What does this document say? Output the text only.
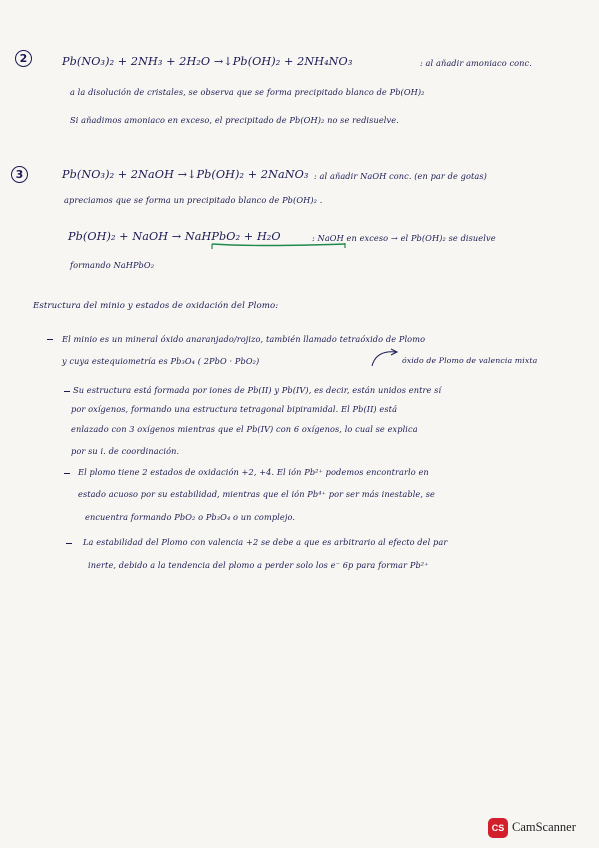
2	Pb(NO₃)₂ + 2NH₃ + 2H₂O →↓Pb(OH)₂ + 2NH₄NO₃	: al añadir amoniaco conc.
a la disolución de cristales, se observa que se forma precipitado blanco de Pb(OH)₂
Si añadimos amoniaco en exceso, el precipitado de Pb(OH)₂ no se redisuelve.
3	Pb(NO₃)₂ + 2NaOH →↓Pb(OH)₂ + 2NaNO₃ : al añadir NaOH conc. (en par de gotas)
apreciamos que se forma un precipitado blanco de Pb(OH)₂ .
Pb(OH)₂ + NaOH → NaHPbO₂ + H₂O	: NaOH en exceso → el Pb(OH)₂ se disuelve
formando NaHPbO₂
Estructura del minio y estados de oxidación del Plomo:
El minio es un mineral óxido anaranjado/rojizo, también llamado tetraóxido de Plomo
y cuya estequiometría es Pb₃O₄ ( 2PbO · PbO₂)	óxido de Plomo de valencia mixta
Su estructura está formada por iones de Pb(II) y Pb(IV), es decir, están unidos entre sí
por oxígenos, formando una estructura tetragonal bipiramidal. El Pb(II) está
enlazado con 3 oxígenos mientras que el Pb(IV) con 6 oxígenos, lo cual se explica
por su i. de coordinación.
El plomo tiene 2 estados de oxidación +2, +4. El ión Pb²⁺ podemos encontrarlo en
estado acuoso por su estabilidad, mientras que el ión Pb⁴⁺ por ser más inestable, se
encuentra formando PbO₂ o Pb₃O₄ o un complejo.
La estabilidad del Plomo con valencia +2 se debe a que es arbitrario al efecto del par
inerte, debido a la tendencia del plomo a perder solo los e⁻ 6p para formar Pb²⁺
CS CamScanner
